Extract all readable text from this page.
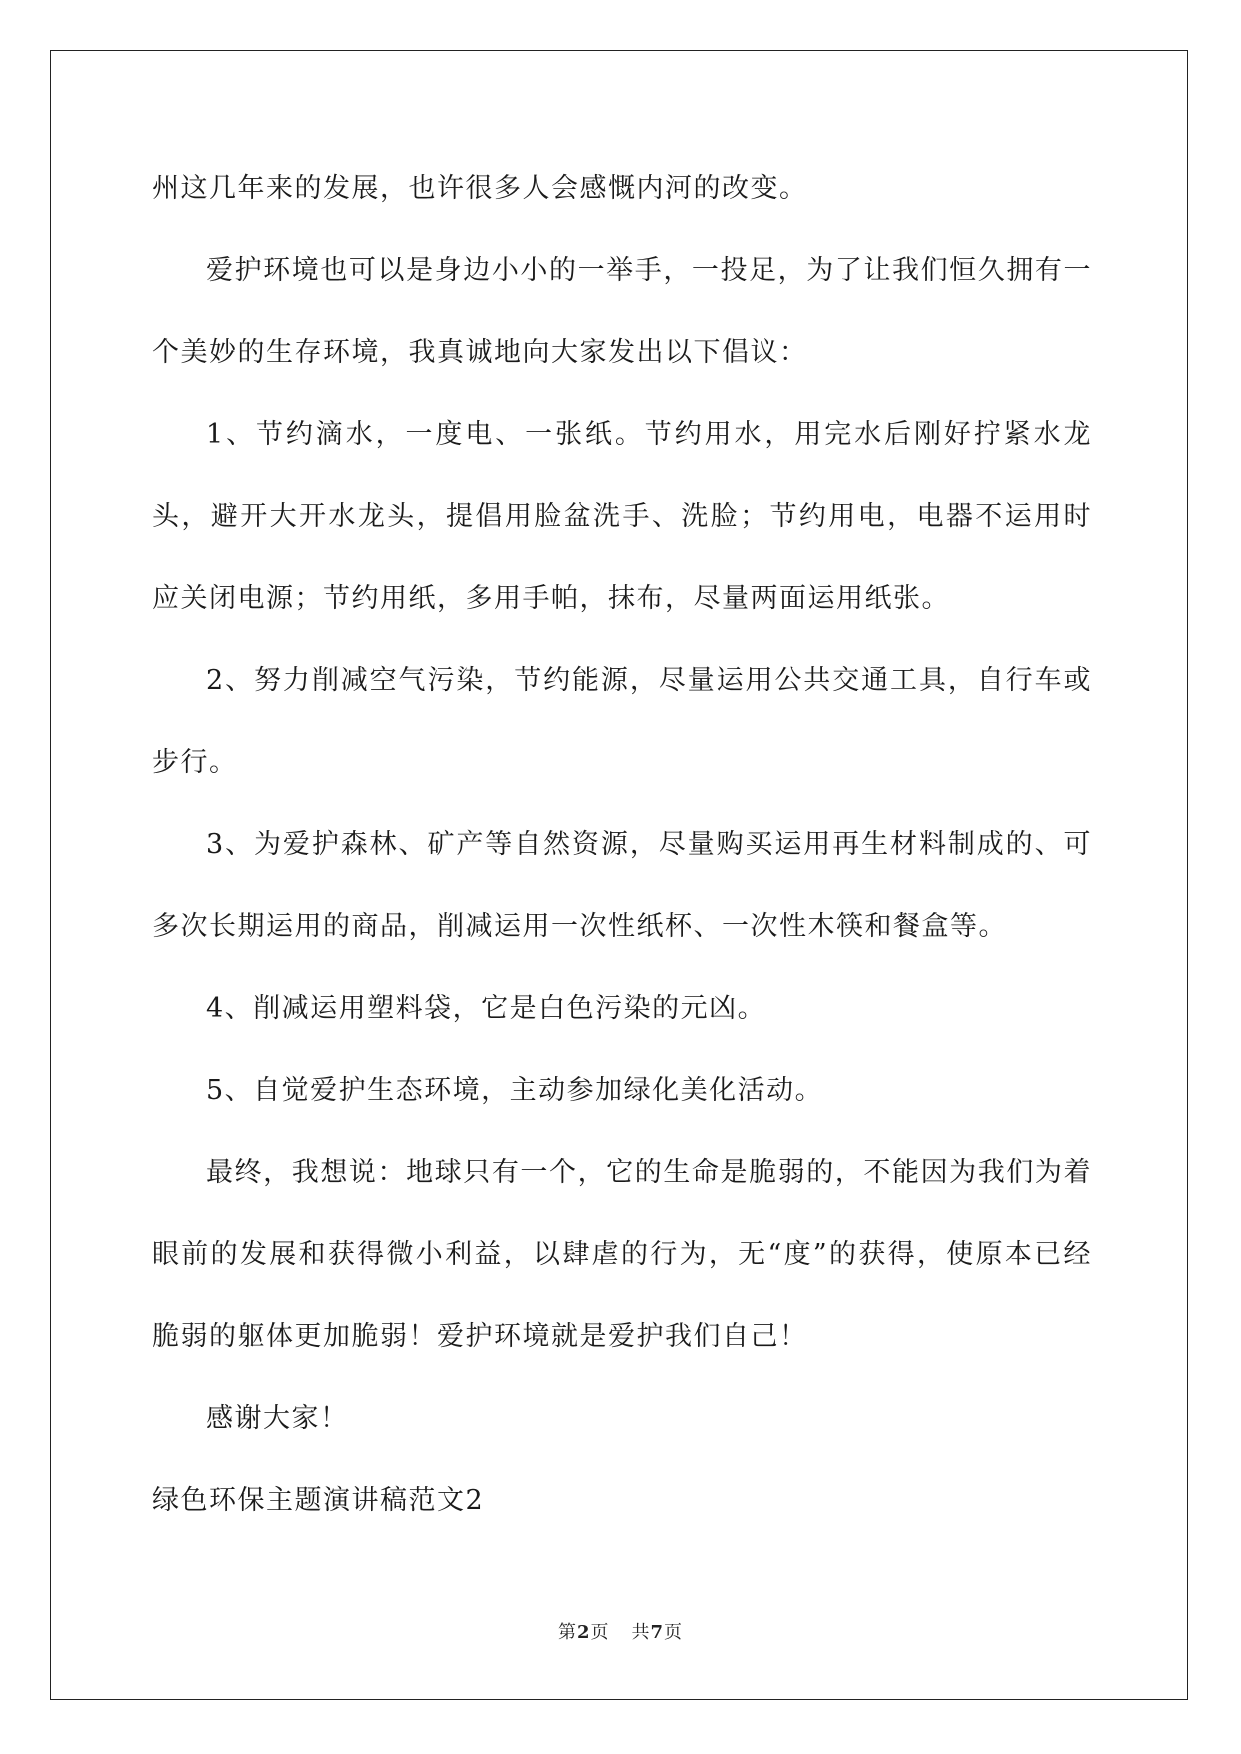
州这几年来的发展，也许很多人会感慨内河的改变。

爱护环境也可以是身边小小的一举手，一投足，为了让我们恒久拥有一个美妙的生存环境，我真诚地向大家发出以下倡议：

1、节约滴水，一度电、一张纸。节约用水，用完水后刚好拧紧水龙头，避开大开水龙头，提倡用脸盆洗手、洗脸；节约用电，电器不运用时应关闭电源；节约用纸，多用手帕，抹布，尽量两面运用纸张。

2、努力削减空气污染，节约能源，尽量运用公共交通工具，自行车或步行。

3、为爱护森林、矿产等自然资源，尽量购买运用再生材料制成的、可多次长期运用的商品，削减运用一次性纸杯、一次性木筷和餐盒等。

4、削减运用塑料袋，它是白色污染的元凶。

5、自觉爱护生态环境，主动参加绿化美化活动。

最终，我想说：地球只有一个，它的生命是脆弱的，不能因为我们为着眼前的发展和获得微小利益，以肆虐的行为，无“度”的获得，使原本已经脆弱的躯体更加脆弱！爱护环境就是爱护我们自己！

感谢大家！

绿色环保主题演讲稿范文2

第2页 共7页
